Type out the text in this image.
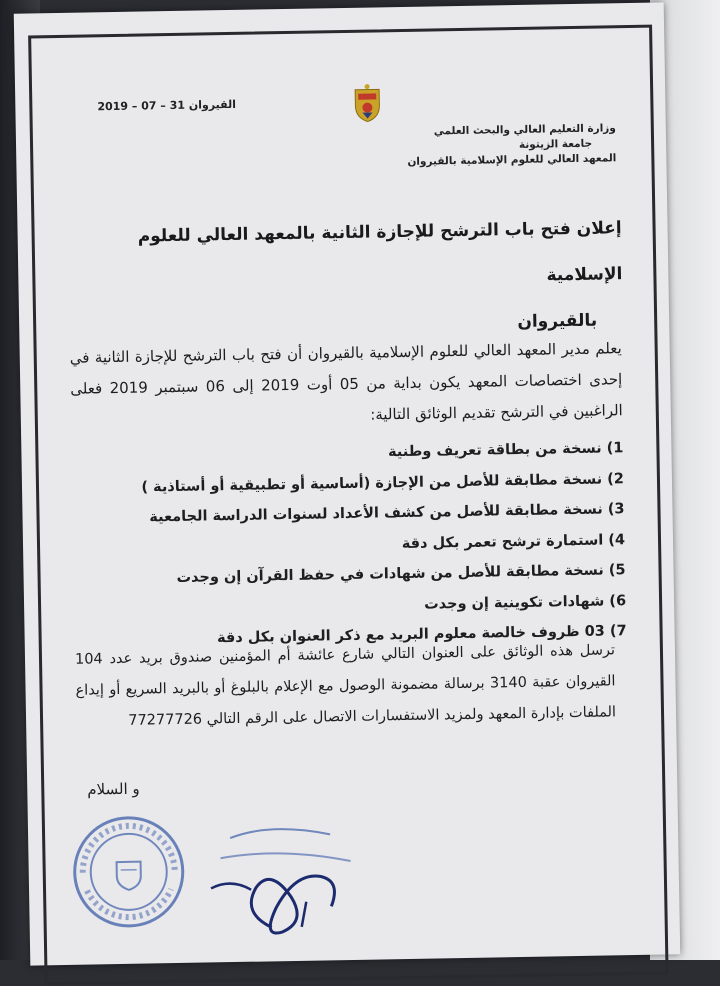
القيروان 31 – 07 – 2019
وزارة التعليم العالي والبحث العلمي
جامعة الزيتونة
المعهد العالي للعلوم الإسلامية بالقيروان
إعلان فتح باب الترشح للإجازة الثانية بالمعهد العالي للعلوم الإسلامية
بالقيروان

يعلم مدير المعهد العالي للعلوم الإسلامية بالقيروان أن فتح باب الترشح للإجازة الثانية في إحدى اختصاصات المعهد يكون بداية من 05 أوت 2019 إلى 06 سبتمبر 2019 فعلى الراغبين في الترشح تقديم الوثائق التالية:

1) نسخة من بطاقة تعريف وطنية
2) نسخة مطابقة للأصل من الإجازة (أساسية أو تطبيقية أو أستاذية )
3) نسخة مطابقة للأصل من كشف الأعداد لسنوات الدراسة الجامعية
4) استمارة ترشح تعمر بكل دقة
5) نسخة مطابقة للأصل من شهادات في حفظ القرآن إن وجدت
6) شهادات تكوينية إن وجدت
7) 03 ظروف خالصة معلوم البريد مع ذكر العنوان بكل دقة
ترسل هذه الوثائق على العنوان التالي شارع عائشة أم المؤمنين صندوق بريد عدد 104 القيروان عقبة 3140 برسالة مضمونة الوصول مع الإعلام بالبلوغ أو بالبريد السريع أو إيداع الملفات بإدارة المعهد ولمزيد الاستفسارات الاتصال على الرقم التالي 77277726
و السلام
